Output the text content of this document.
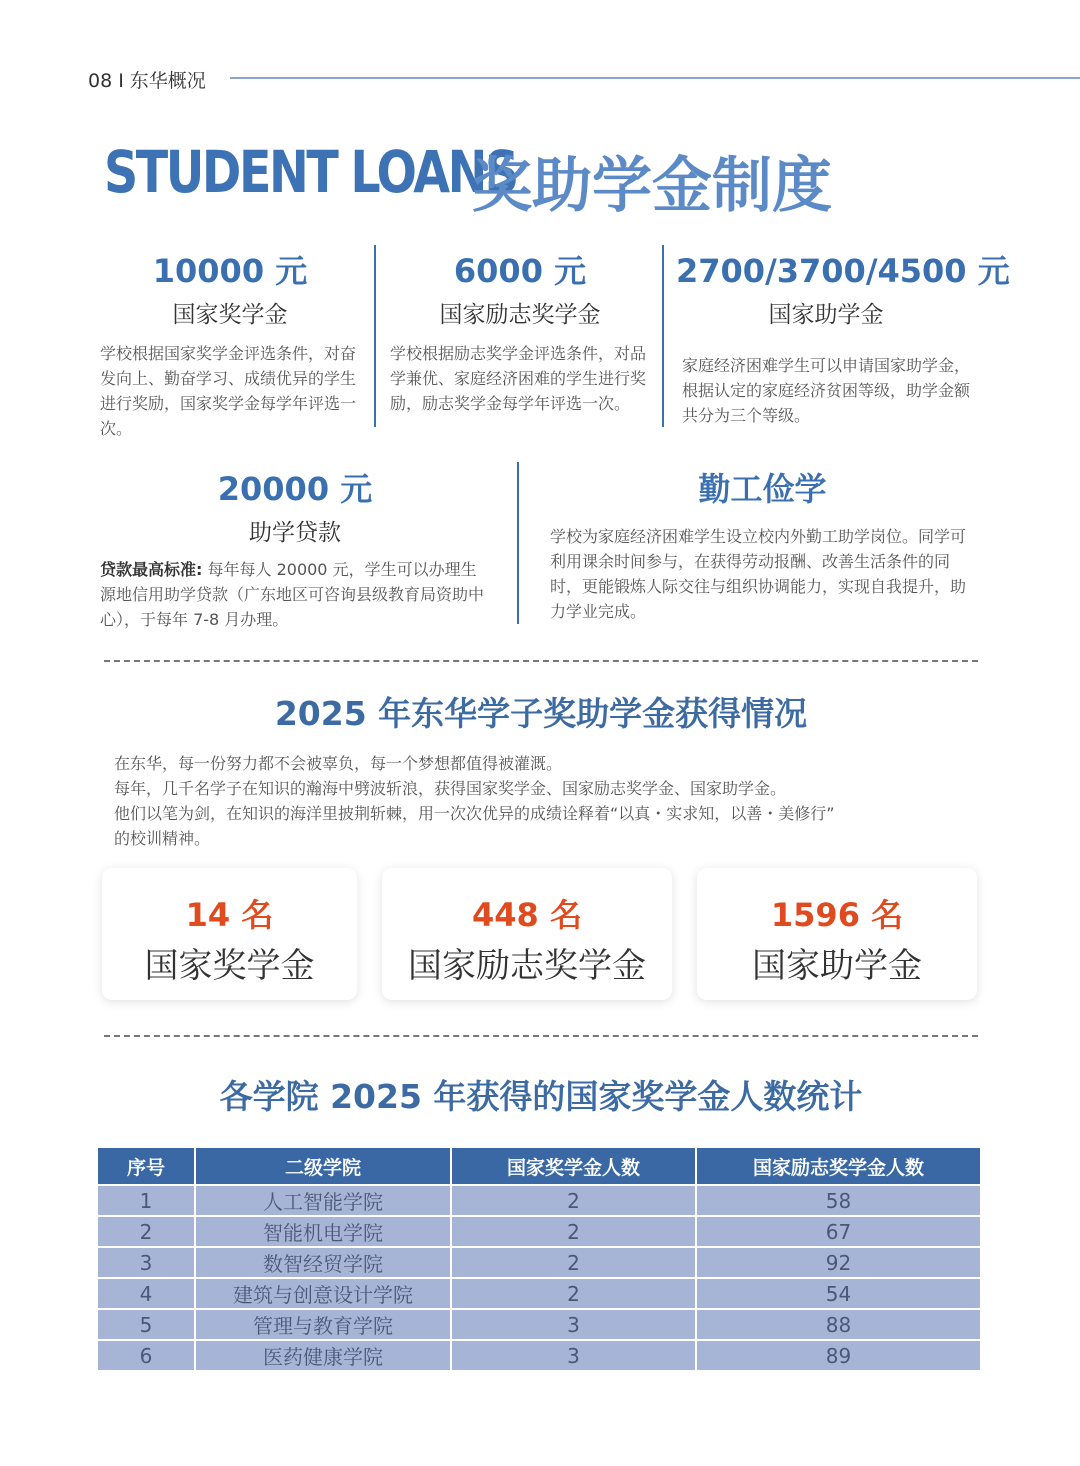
08 I 东华概况
STUDENT LOANS
奖助学金制度
10000 元
国家奖学金
学校根据国家奖学金评选条件，对奋发向上、勤奋学习、成绩优异的学生进行奖励，国家奖学金每学年评选一次。
6000 元
国家励志奖学金
学校根据励志奖学金评选条件，对品学兼优、家庭经济困难的学生进行奖励，励志奖学金每学年评选一次。
2700/3700/4500 元
国家助学金
家庭经济困难学生可以申请国家助学金，根据认定的家庭经济贫困等级，助学金额共分为三个等级。
20000 元
助学贷款
贷款最高标准: 每年每人 20000 元，学生可以办理生源地信用助学贷款（广东地区可咨询县级教育局资助中心），于每年 7-8 月办理。
勤工俭学
学校为家庭经济困难学生设立校内外勤工助学岗位。同学可利用课余时间参与，在获得劳动报酬、改善生活条件的同时，更能锻炼人际交往与组织协调能力，实现自我提升，助力学业完成。
2025 年东华学子奖助学金获得情况
在东华，每一份努力都不会被辜负，每一个梦想都值得被灌溉。
每年，几千名学子在知识的瀚海中劈波斩浪，获得国家奖学金、国家励志奖学金、国家助学金。
他们以笔为剑，在知识的海洋里披荆斩棘，用一次次优异的成绩诠释着“以真・实求知，以善・美修行”
的校训精神。
14 名
国家奖学金
448 名
国家励志奖学金
1596 名
国家助学金
各学院 2025 年获得的国家奖学金人数统计
序号	二级学院	国家奖学金人数	国家励志奖学金人数
1	人工智能学院	2	58
2	智能机电学院	2	67
3	数智经贸学院	2	92
4	建筑与创意设计学院	2	54
5	管理与教育学院	3	88
6	医药健康学院	3	89
